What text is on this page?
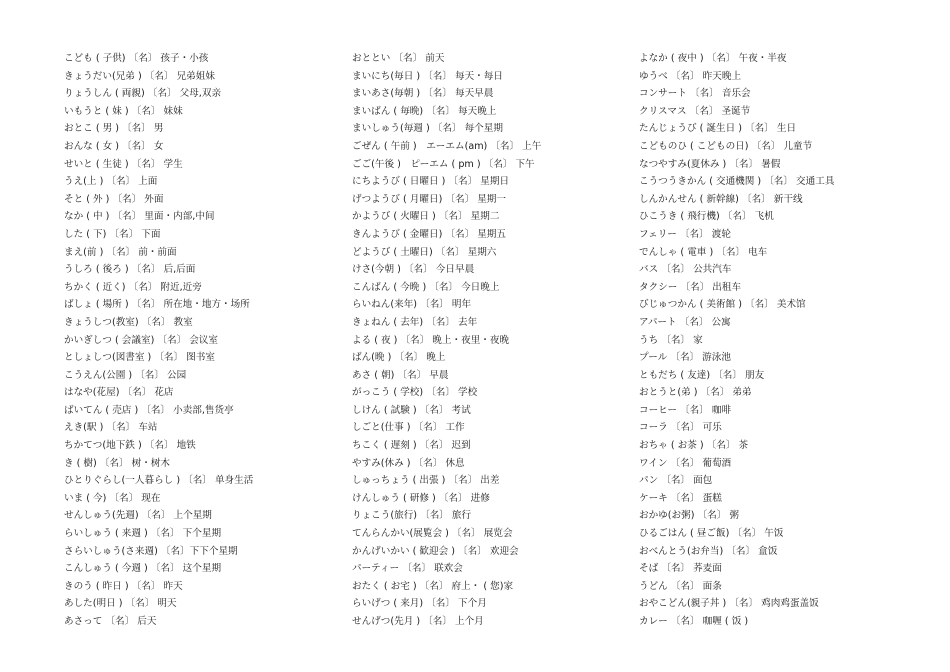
こども ( 子供) 〔名〕 孩子・小孩
きょうだい(兄弟 ) 〔名〕 兄弟姐妹
りょうしん ( 両親) 〔名〕 父母,双亲
いもうと ( 妹 ) 〔名〕 妹妹
おとこ ( 男 ) 〔名〕 男
おんな ( 女 ) 〔名〕 女
せいと ( 生徒 ) 〔名〕 学生
うえ(上 ) 〔名〕 上面
そと ( 外 ) 〔名〕 外面
なか ( 中 ) 〔名〕 里面・内部,中间
した ( 下) 〔名〕 下面
まえ(前 ) 〔名〕 前・前面
うしろ ( 後ろ ) 〔名〕 后,后面
ちかく ( 近く) 〔名〕 附近,近旁
ばしょ ( 場所 ) 〔名〕 所在地・地方・场所
きょうしつ(教室) 〔名〕 教室
かいぎしつ ( 会議室) 〔名〕 会议室
としょしつ(図書室 ) 〔名〕 图书室
こうえん(公園 ) 〔名〕 公园
はなや(花屋) 〔名〕 花店
ばいてん ( 売店 ) 〔名〕 小卖部,售货亭
えき(駅 ) 〔名〕 车站
ちかてつ(地下鉄 ) 〔名〕 地铁
き ( 樹) 〔名〕 树・树木
ひとりぐらし(一人暮らし ) 〔名〕 单身生活
いま ( 今) 〔名〕 现在
せんしゅう(先週) 〔名〕 上个星期
らいしゅう ( 来週 ) 〔名〕 下个星期
さらいしゅう(さ来週) 〔名〕下下个星期
こんしゅう ( 今週 ) 〔名〕 这个星期
きのう ( 昨日 ) 〔名〕 昨天
あした(明日 ) 〔名〕 明天
あさって 〔名〕 后天
おととい 〔名〕 前天
まいにち(毎日 ) 〔名〕 每天・每日
まいあさ(毎朝 ) 〔名〕 每天早晨
まいばん ( 毎晩) 〔名〕 每天晚上
まいしゅう(毎週 ) 〔名〕 每个星期
ごぜん ( 午前 )　エーエム(am) 〔名〕 上午
ごご(午後 )　ピーエム ( pm ) 〔名〕 下午
にちようび ( 日曜日 ) 〔名〕 星期日
げつようび ( 月曜日) 〔名〕 星期一
かようび ( 火曜日 ) 〔名〕 星期二
きんようび ( 金曜日) 〔名〕 星期五
どようび ( 土曜日) 〔名〕 星期六
けさ(今朝 ) 〔名〕 今日早晨
こんばん ( 今晩 ) 〔名〕 今日晚上
らいねん(来年) 〔名〕 明年
きょねん ( 去年) 〔名〕 去年
よる ( 夜 ) 〔名〕 晚上・夜里・夜晚
ばん(晩 ) 〔名〕 晚上
あさ ( 朝) 〔名〕 早晨
がっこう ( 学校) 〔名〕 学校
しけん ( 試験 ) 〔名〕 考试
しごと(仕事 ) 〔名〕 工作
ちこく ( 遅刻 ) 〔名〕 迟到
やすみ(休み ) 〔名〕 休息
しゅっちょう ( 出張 ) 〔名〕 出差
けんしゅう ( 研修 ) 〔名〕 进修
りょこう(旅行) 〔名〕 旅行
てんらんかい(展覧会 ) 〔名〕 展览会
かんげいかい ( 歓迎会 ) 〔名〕 欢迎会
パーティー 〔名〕 联欢会
おたく ( お宅 ) 〔名〕 府上・ ( 您)家
らいげつ ( 来月) 〔名〕 下个月
せんげつ(先月 ) 〔名〕 上个月
よなか ( 夜中 ) 〔名〕 午夜・半夜
ゆうべ 〔名〕 昨天晚上
コンサート 〔名〕 音乐会
クリスマス 〔名〕 圣诞节
たんじょうび ( 誕生日 ) 〔名〕 生日
こどものひ ( こどもの日) 〔名〕 儿童节
なつやすみ(夏休み ) 〔名〕 暑假
こうつうきかん ( 交通機関 ) 〔名〕 交通工具
しんかんせん ( 新幹線) 〔名〕 新干线
ひこうき ( 飛行機) 〔名〕 飞机
フェリー 〔名〕 渡轮
でんしゃ ( 電車 ) 〔名〕 电车
バス 〔名〕 公共汽车
タクシー 〔名〕 出租车
びじゅつかん ( 美術館 ) 〔名〕 美术馆
アパート 〔名〕 公寓
うち 〔名〕 家
プール 〔名〕 游泳池
ともだち ( 友達) 〔名〕 朋友
おとうと(弟 ) 〔名〕 弟弟
コーヒー 〔名〕 咖啡
コーラ 〔名〕 可乐
おちゃ ( お茶 ) 〔名〕 茶
ワイン 〔名〕 葡萄酒
パン 〔名〕 面包
ケーキ 〔名〕 蛋糕
おかゆ(お粥) 〔名〕 粥
ひるごはん ( 昼ご飯) 〔名〕 午饭
おべんとう(お弁当) 〔名〕 盒饭
そば 〔名〕 荞麦面
うどん 〔名〕 面条
おやこどん(親子丼 ) 〔名〕 鸡肉鸡蛋盖饭
カレー 〔名〕 咖喱 ( 饭 )
